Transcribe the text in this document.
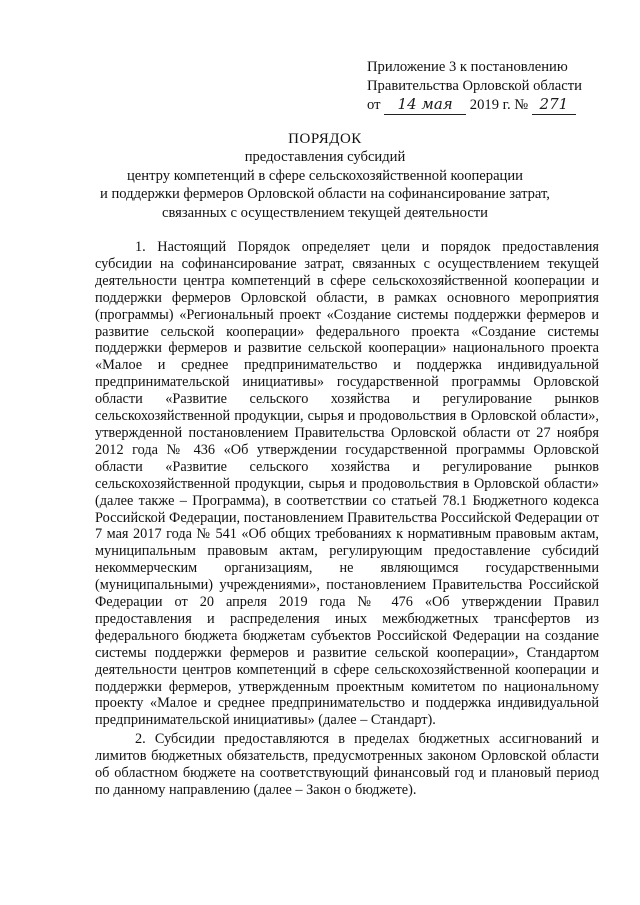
Приложение 3 к постановлению
Правительства Орловской области
от 14 мая 2019 г. № 271
ПОРЯДОК
предоставления субсидий
центру компетенций в сфере сельскохозяйственной кооперации
и поддержки фермеров Орловской области на софинансирование затрат,
связанных с осуществлением текущей деятельности

1. Настоящий Порядок определяет цели и порядок предоставления субсидии на софинансирование затрат, связанных с осуществлением текущей деятельности центра компетенций в сфере сельскохозяйственной кооперации и поддержки фермеров Орловской области, в рамках основного мероприятия (программы) «Региональный проект «Создание системы поддержки фермеров и развитие сельской кооперации» федерального проекта «Создание системы поддержки фермеров и развитие сельской кооперации» национального проекта «Малое и среднее предпринимательство и поддержка индивидуальной предпринимательской инициативы» государственной программы Орловской области «Развитие сельского хозяйства и регулирование рынков сельскохозяйственной продукции, сырья и продовольствия в Орловской области», утвержденной постановлением Правительства Орловской области от 27 ноября 2012 года № 436 «Об утверждении государственной программы Орловской области «Развитие сельского хозяйства и регулирование рынков сельскохозяйственной продукции, сырья и продовольствия в Орловской области» (далее также – Программа), в соответствии со статьей 78.1 Бюджетного кодекса Российской Федерации, постановлением Правительства Российской Федерации от 7 мая 2017 года № 541 «Об общих требованиях к нормативным правовым актам, муниципальным правовым актам, регулирующим предоставление субсидий некоммерческим организациям, не являющимся государственными (муниципальными) учреждениями», постановлением Правительства Российской Федерации от 20 апреля 2019 года № 476 «Об утверждении Правил предоставления и распределения иных межбюджетных трансфертов из федерального бюджета бюджетам субъектов Российской Федерации на создание системы поддержки фермеров и развитие сельской кооперации», Стандартом деятельности центров компетенций в сфере сельскохозяйственной кооперации и поддержки фермеров, утвержденным проектным комитетом по национальному проекту «Малое и среднее предпринимательство и поддержка индивидуальной предпринимательской инициативы» (далее – Стандарт).

2. Субсидии предоставляются в пределах бюджетных ассигнований и лимитов бюджетных обязательств, предусмотренных законом Орловской области об областном бюджете на соответствующий финансовый год и плановый период по данному направлению (далее – Закон о бюджете).
